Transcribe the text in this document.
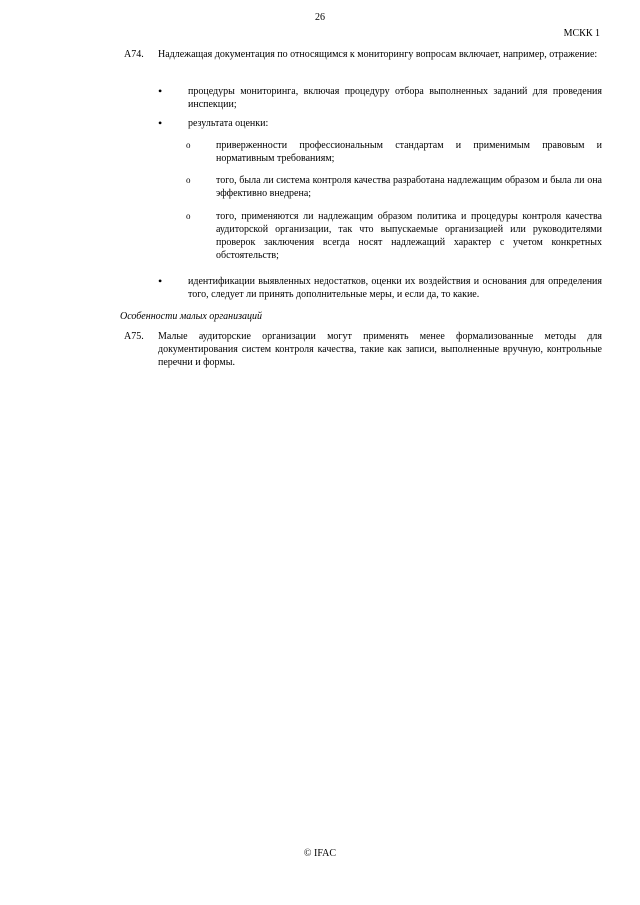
26
МСКК 1
A74.	Надлежащая документация по относящимся к мониторингу вопросам включает, например, отражение:
•	процедуры мониторинга, включая процедуру отбора выполненных заданий для проведения инспекции;
•	результата оценки:
o	приверженности профессиональным стандартам и применимым правовым и нормативным требованиям;
o	того, была ли система контроля качества разработана надлежащим образом и была ли она эффективно внедрена;
o	того, применяются ли надлежащим образом политика и процедуры контроля качества аудиторской организации, так что выпускаемые организацией или руководителями проверок заключения всегда носят надлежащий характер с учетом конкретных обстоятельств;
•	идентификации выявленных недостатков, оценки их воздействия и основания для определения того, следует ли принять дополнительные меры, и если да, то какие.
Особенности малых организаций
A75.	Малые аудиторские организации могут применять менее формализованные методы для документирования систем контроля качества, такие как записи, выполненные вручную, контрольные перечни и формы.
© IFAC
